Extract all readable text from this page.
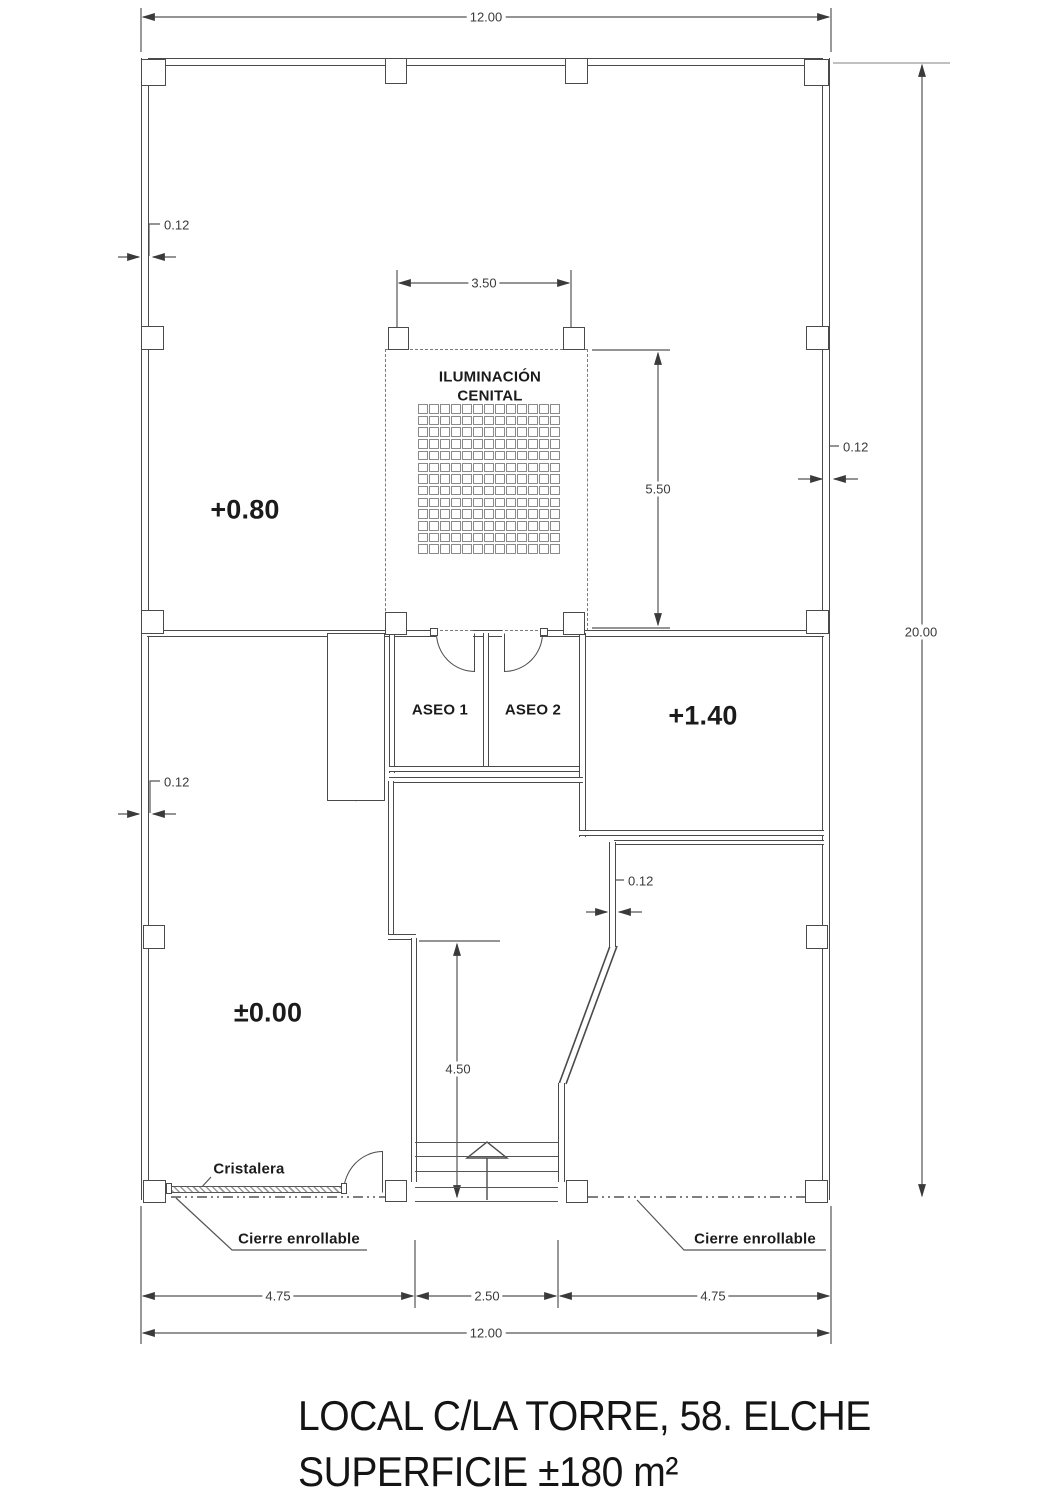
+0.80
+1.40
±0.00
ASEO 1 ASEO 2
ILUMINACIÓN
CENITAL
Cristalera
Cierre enrollable	Cierre enrollable
12.00
3.50
5.50
20.00
4.50
0.12
0.12
0.12
0.12
4.75	2.50	4.75
12.00
LOCAL C/LA TORRE, 58. ELCHE
SUPERFICIE ±180 m²
